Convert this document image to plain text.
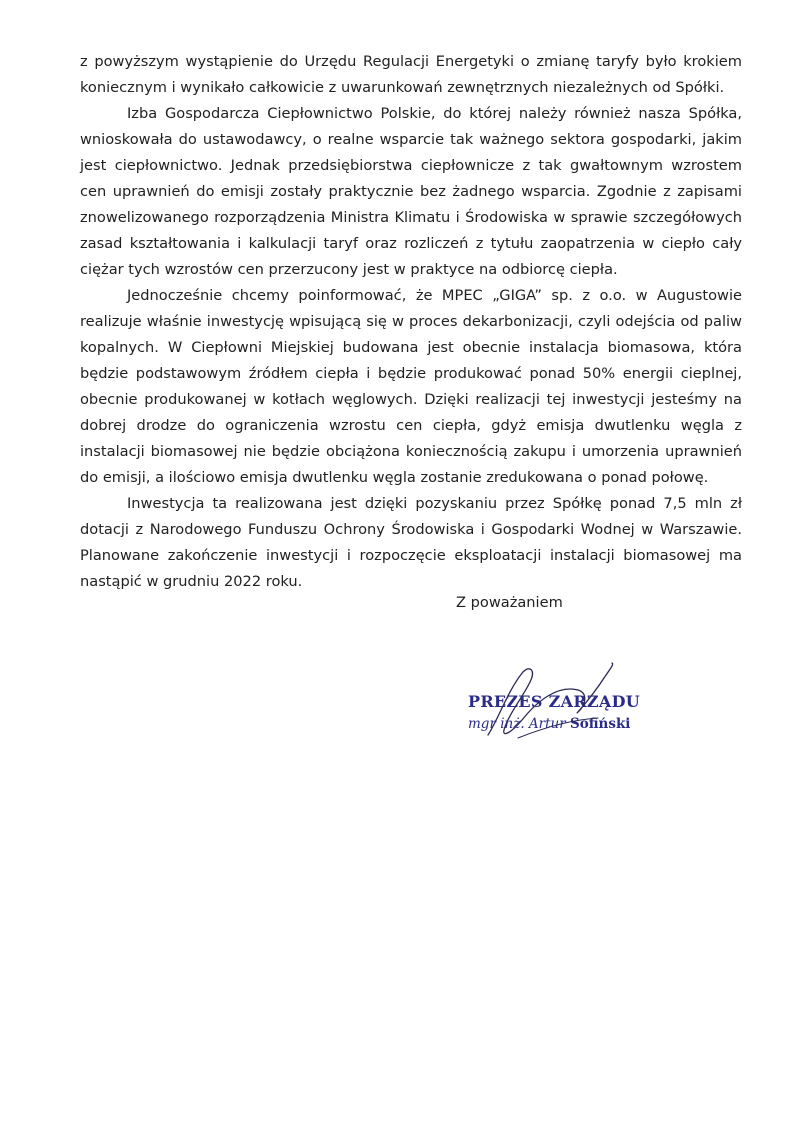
z powyższym wystąpienie do Urzędu Regulacji Energetyki o zmianę taryfy było krokiem koniecznym i wynikało całkowicie z uwarunkowań zewnętrznych niezależnych od Spółki.

Izba Gospodarcza Ciepłownictwo Polskie, do której należy również nasza Spółka, wnioskowała do ustawodawcy, o realne wsparcie tak ważnego sektora gospodarki, jakim jest ciepłownictwo. Jednak przedsiębiorstwa ciepłownicze z tak gwałtownym wzrostem cen uprawnień do emisji zostały praktycznie bez żadnego wsparcia. Zgodnie z zapisami znowelizowanego rozporządzenia Ministra Klimatu i Środowiska w sprawie szczegółowych zasad kształtowania i kalkulacji taryf oraz rozliczeń z tytułu zaopatrzenia w ciepło cały ciężar tych wzrostów cen przerzucony jest w praktyce na odbiorcę ciepła.

Jednocześnie chcemy poinformować, że MPEC „GIGA” sp. z o.o. w Augustowie realizuje właśnie inwestycję wpisującą się w proces dekarbonizacji, czyli odejścia od paliw kopalnych. W Ciepłowni Miejskiej budowana jest obecnie instalacja biomasowa, która będzie podstawowym źródłem ciepła i będzie produkować ponad 50% energii cieplnej, obecnie produkowanej w kotłach węglowych. Dzięki realizacji tej inwestycji jesteśmy na dobrej drodze do ograniczenia wzrostu cen ciepła, gdyż emisja dwutlenku węgla z instalacji biomasowej nie będzie obciążona koniecznością zakupu i umorzenia uprawnień do emisji, a ilościowo emisja dwutlenku węgla zostanie zredukowana o ponad połowę.

Inwestycja ta realizowana jest dzięki pozyskaniu przez Spółkę ponad 7,5 mln zł dotacji z Narodowego Funduszu Ochrony Środowiska i Gospodarki Wodnej w Warszawie. Planowane zakończenie inwestycji i rozpoczęcie eksploatacji instalacji biomasowej ma nastąpić w grudniu 2022 roku.

Z poważaniem
PREZES ZARZĄDU
mgr inż. Artur Sofiński
